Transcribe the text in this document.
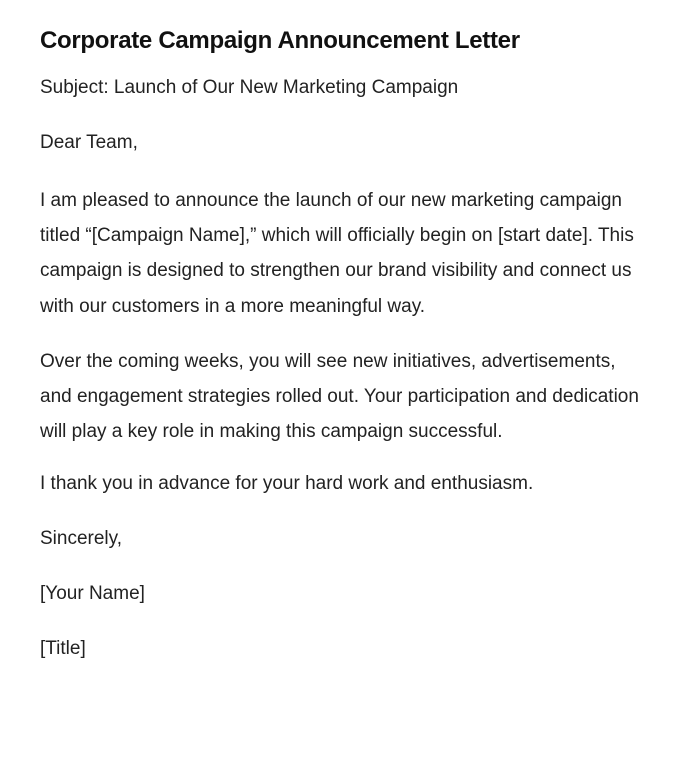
Corporate Campaign Announcement Letter

Subject: Launch of Our New Marketing Campaign

Dear Team,

I am pleased to announce the launch of our new marketing campaign titled “[Campaign Name],” which will officially begin on [start date]. This campaign is designed to strengthen our brand visibility and connect us with our customers in a more meaningful way.

Over the coming weeks, you will see new initiatives, advertisements, and engagement strategies rolled out. Your participation and dedication will play a key role in making this campaign successful.

I thank you in advance for your hard work and enthusiasm.

Sincerely,

[Your Name]

[Title]
